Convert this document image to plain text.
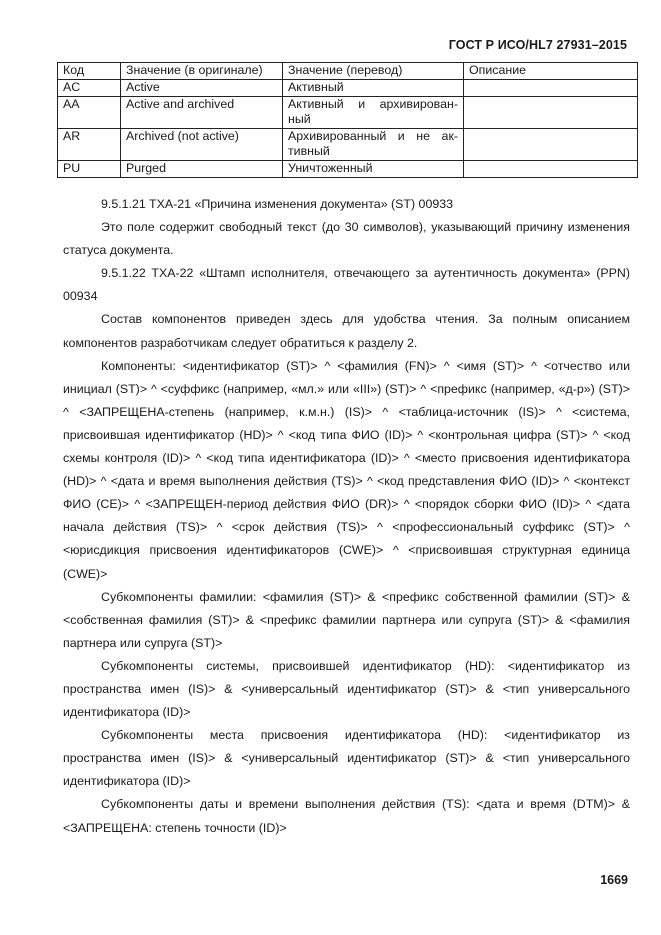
ГОСТ Р ИСО/HL7 27931–2015
Код	Значение (в оригинале)	Значение (перевод)	Описание
AC	Active	Активный	
AA	Active and archived	Активный и архивирован-
ный	
AR	Archived (not active)	Архивированный и не ак-
тивный	
PU	Purged	Уничтоженный	

9.5.1.21 TXA-21 «Причина изменения документа» (ST) 00933

Это поле содержит свободный текст (до 30 символов), указывающий причину изменения статуса документа.

9.5.1.22 TXA-22 «Штамп исполнителя, отвечающего за аутентичность документа» (PPN) 00934

Состав компонентов приведен здесь для удобства чтения. За полным описанием компонентов разработчикам следует обратиться к разделу 2.

Компоненты: <идентификатор (ST)> ^ <фамилия (FN)> ^ <имя (ST)> ^ <отчество или инициал (ST)> ^ <суффикс (например, «мл.» или «III») (ST)> ^ <префикс (например, «д-р») (ST)> ^ <ЗАПРЕЩЕНА-степень (например, к.м.н.) (IS)> ^ <таблица-источник (IS)> ^ <система, присвоившая идентификатор (HD)> ^ <код типа ФИО (ID)> ^ <контрольная цифра (ST)> ^ <код схемы контроля (ID)> ^ <код типа идентификатора (ID)> ^ <место присвоения идентификатора (HD)> ^ <дата и время выполнения действия (TS)> ^ <код представления ФИО (ID)> ^ <контекст ФИО (CE)> ^ <ЗАПРЕЩЕН-период действия ФИО (DR)> ^ <порядок сборки ФИО (ID)> ^ <дата начала действия (TS)> ^ <срок действия (TS)> ^ <профессиональный суффикс (ST)> ^ <юрисдикция присвоения идентификаторов (CWE)> ^ <присвоившая структурная единица (CWE)>

Субкомпоненты фамилии: <фамилия (ST)> & <префикс собственной фамилии (ST)> & <собственная фамилия (ST)> & <префикс фамилии партнера или супруга (ST)> & <фамилия партнера или супруга (ST)>

Субкомпоненты системы, присвоившей идентификатор (HD): <идентификатор из пространства имен (IS)> & <универсальный идентификатор (ST)> & <тип универсального идентификатора (ID)>

Субкомпоненты места присвоения идентификатора (HD): <идентификатор из пространства имен (IS)> & <универсальный идентификатор (ST)> & <тип универсального идентификатора (ID)>

Субкомпоненты даты и времени выполнения действия (TS): <дата и время (DTM)> & <ЗАПРЕЩЕНА: степень точности (ID)>

1669
